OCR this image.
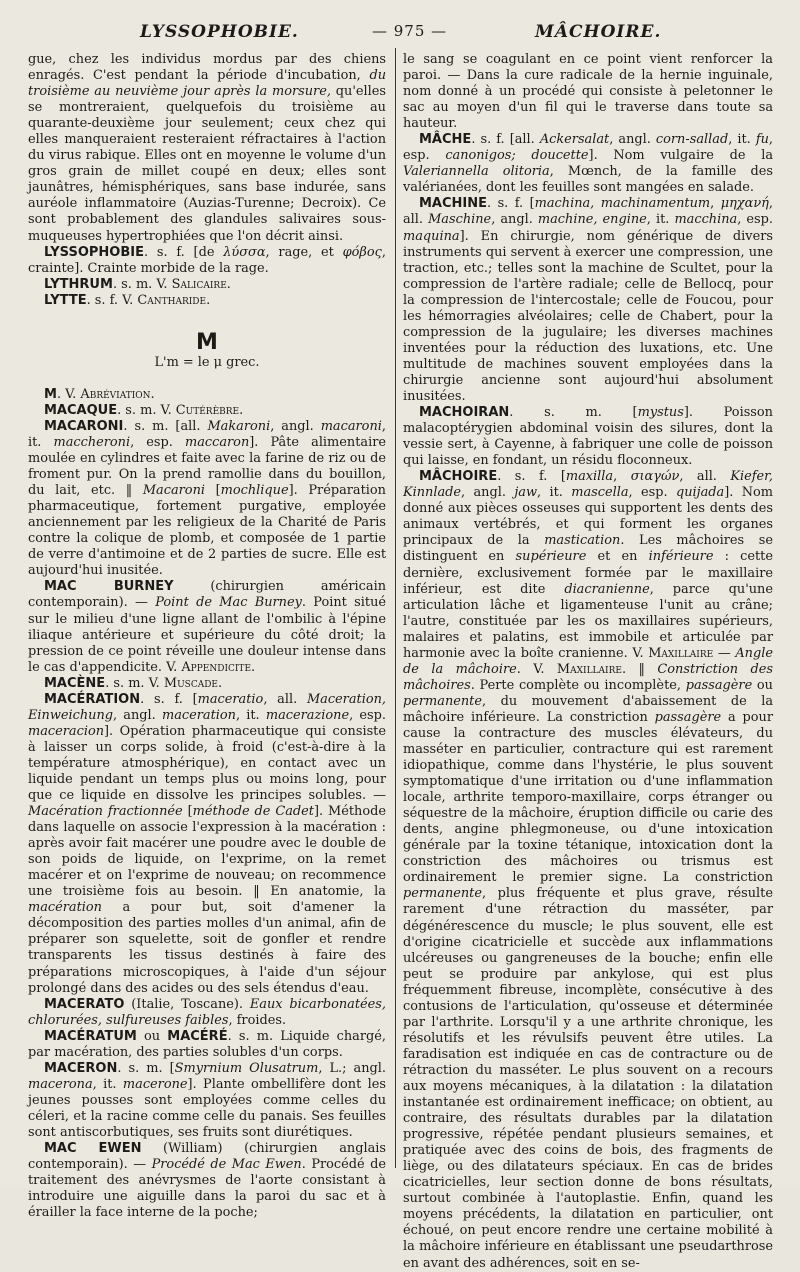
LYSSOPHOBIE.	— 975 —	MÂCHOIRE.

gue, chez les individus mordus par des chiens enragés. C'est pendant la période d'incubation, du troisième au neuvième jour après la morsure, qu'elles se montreraient, quelquefois du troisième au quarante-deuxième jour seulement; ceux chez qui elles manqueraient resteraient réfractaires à l'action du virus rabique. Elles ont en moyenne le volume d'un gros grain de millet coupé en deux; elles sont jaunâtres, hémisphériques, sans base indurée, sans auréole inflammatoire (Auzias-Turenne; Decroix). Ce sont probablement des glandules salivaires sous-muqueuses hypertrophiées que l'on décrit ainsi.

LYSSOPHOBIE. s. f. [de λύσσα, rage, et φόβος, crainte]. Crainte morbide de la rage.

LYTHRUM. s. m. V. Salicaire.

LYTTE. s. f. V. Cantharide.

M
L'm = le μ grec.

M. V. Abréviation.

MACAQUE. s. m. V. Cutérèbre.

MACARONI. s. m. [all. Makaroni, angl. macaroni, it. maccheroni, esp. maccaron]. Pâte alimentaire moulée en cylindres et faite avec la farine de riz ou de froment pur. On la prend ramollie dans du bouillon, du lait, etc. ‖ Macaroni [mochlique]. Préparation pharmaceutique, fortement purgative, employée anciennement par les religieux de la Charité de Paris contre la colique de plomb, et composée de 1 partie de verre d'antimoine et de 2 parties de sucre. Elle est aujourd'hui inusitée.

MAC BURNEY (chirurgien américain contemporain). — Point de Mac Burney. Point situé sur le milieu d'une ligne allant de l'ombilic à l'épine iliaque antérieure et supérieure du côté droit; la pression de ce point réveille une douleur intense dans le cas d'appendicite. V. Appendicite.

MACÈNE. s. m. V. Muscade.

MACÉRATION. s. f. [maceratio, all. Maceration, Einweichung, angl. maceration, it. macerazione, esp. maceracion]. Opération pharmaceutique qui consiste à laisser un corps solide, à froid (c'est-à-dire à la température atmosphérique), en contact avec un liquide pendant un temps plus ou moins long, pour que ce liquide en dissolve les principes solubles. — Macération fractionnée [méthode de Cadet]. Méthode dans laquelle on associe l'expression à la macération : après avoir fait macérer une poudre avec le double de son poids de liquide, on l'exprime, on la remet macérer et on l'exprime de nouveau; on recommence une troisième fois au besoin. ‖ En anatomie, la macération a pour but, soit d'amener la décomposition des parties molles d'un animal, afin de préparer son squelette, soit de gonfler et rendre transparents les tissus destinés à faire des préparations microscopiques, à l'aide d'un séjour prolongé dans des acides ou des sels étendus d'eau.

MACERATO (Italie, Toscane). Eaux bicarbonatées, chlorurées, sulfureuses faibles, froides.

MACÉRATUM ou MACÉRÉ. s. m. Liquide chargé, par macération, des parties solubles d'un corps.

MACERON. s. m. [Smyrnium Olusatrum, L.; angl. macerona, it. macerone]. Plante ombellifère dont les jeunes pousses sont employées comme celles du céleri, et la racine comme celle du panais. Ses feuilles sont antiscorbutiques, ses fruits sont diurétiques.

MAC EWEN (William) (chirurgien anglais contemporain). — Procédé de Mac Ewen. Procédé de traitement des anévrysmes de l'aorte consistant à introduire une aiguille dans la paroi du sac et à érailler la face interne de la poche;

le sang se coagulant en ce point vient renforcer la paroi. — Dans la cure radicale de la hernie inguinale, nom donné à un procédé qui consiste à peletonner le sac au moyen d'un fil qui le traverse dans toute sa hauteur.

MÂCHE. s. f. [all. Ackersalat, angl. corn-sallad, it. fu, esp. canonigos; doucette]. Nom vulgaire de la Valeriannella olitoria, Mœnch, de la famille des valérianées, dont les feuilles sont mangées en salade.

MACHINE. s. f. [machina, machinamentum, μηχανή, all. Maschine, angl. machine, engine, it. macchina, esp. maquina]. En chirurgie, nom générique de divers instruments qui servent à exercer une compression, une traction, etc.; telles sont la machine de Scultet, pour la compression de l'artère radiale; celle de Bellocq, pour la compression de l'intercostale; celle de Foucou, pour les hémorragies alvéolaires; celle de Chabert, pour la compression de la jugulaire; les diverses machines inventées pour la réduction des luxations, etc. Une multitude de machines souvent employées dans la chirurgie ancienne sont aujourd'hui absolument inusitées.

MACHOIRAN. s. m. [mystus]. Poisson malacoptérygien abdominal voisin des silures, dont la vessie sert, à Cayenne, à fabriquer une colle de poisson qui laisse, en fondant, un résidu floconneux.

MÂCHOIRE. s. f. [maxilla, σιαγών, all. Kiefer, Kinnlade, angl. jaw, it. mascella, esp. quijada]. Nom donné aux pièces osseuses qui supportent les dents des animaux vertébrés, et qui forment les organes principaux de la mastication. Les mâchoires se distinguent en supérieure et en inférieure : cette dernière, exclusivement formée par le maxillaire inférieur, est dite diacranienne, parce qu'une articulation lâche et ligamenteuse l'unit au crâne; l'autre, constituée par les os maxillaires supérieurs, malaires et palatins, est immobile et articulée par harmonie avec la boîte cranienne. V. Maxillaire — Angle de la mâchoire. V. Maxillaire. ‖ Constriction des mâchoires. Perte complète ou incomplète, passagère ou permanente, du mouvement d'abaissement de la mâchoire inférieure. La constriction passagère a pour cause la contracture des muscles élévateurs, du masséter en particulier, contracture qui est rarement idiopathique, comme dans l'hystérie, le plus souvent symptomatique d'une irritation ou d'une inflammation locale, arthrite temporo-maxillaire, corps étranger ou séquestre de la mâchoire, éruption difficile ou carie des dents, angine phlegmoneuse, ou d'une intoxication générale par la toxine tétanique, intoxication dont la constriction des mâchoires ou trismus est ordinairement le premier signe. La constriction permanente, plus fréquente et plus grave, résulte rarement d'une rétraction du masséter, par dégénérescence du muscle; le plus souvent, elle est d'origine cicatricielle et succède aux inflammations ulcéreuses ou gangreneuses de la bouche; enfin elle peut se produire par ankylose, qui est plus fréquemment fibreuse, incomplète, consécutive à des contusions de l'articulation, qu'osseuse et déterminée par l'arthrite. Lorsqu'il y a une arthrite chronique, les résolutifs et les révulsifs peuvent être utiles. La faradisation est indiquée en cas de contracture ou de rétraction du masséter. Le plus souvent on a recours aux moyens mécaniques, à la dilatation : la dilatation instantanée est ordinairement inefficace; on obtient, au contraire, des résultats durables par la dilatation progressive, répétée pendant plusieurs semaines, et pratiquée avec des coins de bois, des fragments de liège, ou des dilatateurs spéciaux. En cas de brides cicatricielles, leur section donne de bons résultats, surtout combinée à l'autoplastie. Enfin, quand les moyens précédents, la dilatation en particulier, ont échoué, on peut encore rendre une certaine mobilité à la mâchoire inférieure en établissant une pseudarthrose en avant des adhérences, soit en se-
